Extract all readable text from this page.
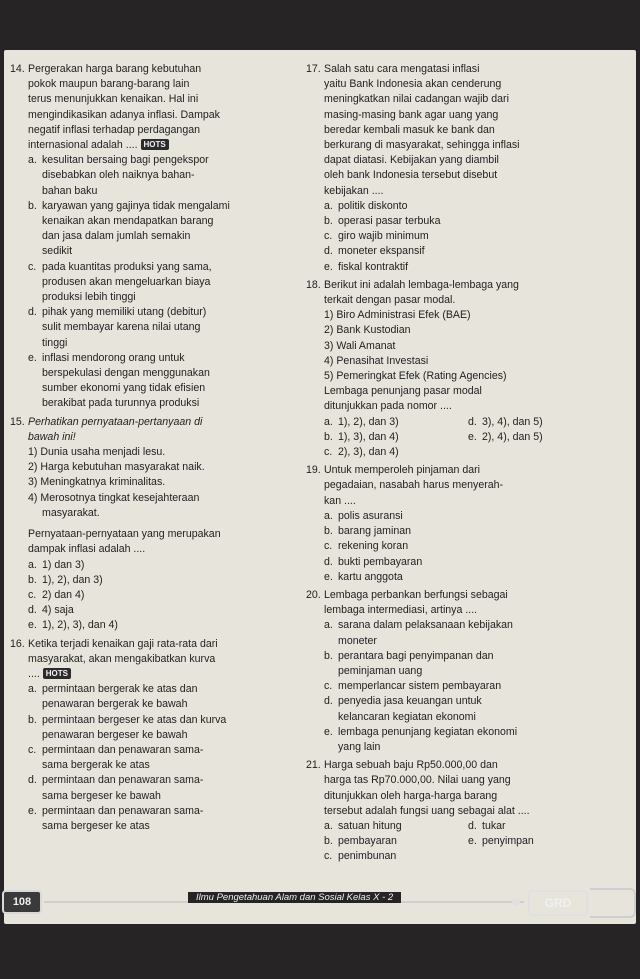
14. Pergerakan harga barang kebutuhan
pokok maupun barang-barang lain
terus menunjukkan kenaikan. Hal ini
mengindikasikan adanya inflasi. Dampak
negatif inflasi terhadap perdagangan
internasional adalah .... HOTS
a. kesulitan bersaing bagi pengekspor
disebabkan oleh naiknya bahan-
bahan baku
b. karyawan yang gajinya tidak mengalami
kenaikan akan mendapatkan barang
dan jasa dalam jumlah semakin
sedikit
c. pada kuantitas produksi yang sama,
produsen akan mengeluarkan biaya
produksi lebih tinggi
d. pihak yang memiliki utang (debitur)
sulit membayar karena nilai utang
tinggi
e. inflasi mendorong orang untuk
berspekulasi dengan menggunakan
sumber ekonomi yang tidak efisien
berakibat pada turunnya produksi
15. Perhatikan pernyataan-pertanyaan di
bawah ini!
1) Dunia usaha menjadi lesu.
2) Harga kebutuhan masyarakat naik.
3) Meningkatnya kriminalitas.
4) Merosotnya tingkat kesejahteraan
masyarakat.
Pernyataan-pernyataan yang merupakan
dampak inflasi adalah ....
a. 1) dan 3)
b. 1), 2), dan 3)
c. 2) dan 4)
d. 4) saja
e. 1), 2), 3), dan 4)
16. Ketika terjadi kenaikan gaji rata-rata dari
masyarakat, akan mengakibatkan kurva
.... HOTS
a. permintaan bergerak ke atas dan
penawaran bergerak ke bawah
b. permintaan bergeser ke atas dan kurva
penawaran bergeser ke bawah
c. permintaan dan penawaran sama-
sama bergerak ke atas
d. permintaan dan penawaran sama-
sama bergeser ke bawah
e. permintaan dan penawaran sama-
sama bergeser ke atas
17. Salah satu cara mengatasi inflasi
yaitu Bank Indonesia akan cenderung
meningkatkan nilai cadangan wajib dari
masing-masing bank agar uang yang
beredar kembali masuk ke bank dan
berkurang di masyarakat, sehingga inflasi
dapat diatasi. Kebijakan yang diambil
oleh bank Indonesia tersebut disebut
kebijakan ....
a. politik diskonto
b. operasi pasar terbuka
c. giro wajib minimum
d. moneter ekspansif
e. fiskal kontraktif
18. Berikut ini adalah lembaga-lembaga yang
terkait dengan pasar modal.
1) Biro Administrasi Efek (BAE)
2) Bank Kustodian
3) Wali Amanat
4) Penasihat Investasi
5) Pemeringkat Efek (Rating Agencies)
Lembaga penunjang pasar modal
ditunjukkan pada nomor ....
a. 1), 2), dan 3)	d. 3), 4), dan 5)
b. 1), 3), dan 4)	e. 2), 4), dan 5)
c. 2), 3), dan 4)
19. Untuk memperoleh pinjaman dari
pegadaian, nasabah harus menyerah-
kan ....
a. polis asuransi
b. barang jaminan
c. rekening koran
d. bukti pembayaran
e. kartu anggota
20. Lembaga perbankan berfungsi sebagai
lembaga intermediasi, artinya ....
a. sarana dalam pelaksanaan kebijakan
moneter
b. perantara bagi penyimpanan dan
peminjaman uang
c. memperlancar sistem pembayaran
d. penyedia jasa keuangan untuk
kelancaran kegiatan ekonomi
e. lembaga penunjang kegiatan ekonomi
yang lain
21. Harga sebuah baju Rp50.000,00 dan
harga tas Rp70.000,00. Nilai uang yang
ditunjukkan oleh harga-harga barang
tersebut adalah fungsi uang sebagai alat ....
a. satuan hitung	d. tukar
b. pembayaran	e. penyimpan
c. penimbunan
108	Ilmu Pengetahuan Alam dan Sosial Kelas X - 2	GRD
